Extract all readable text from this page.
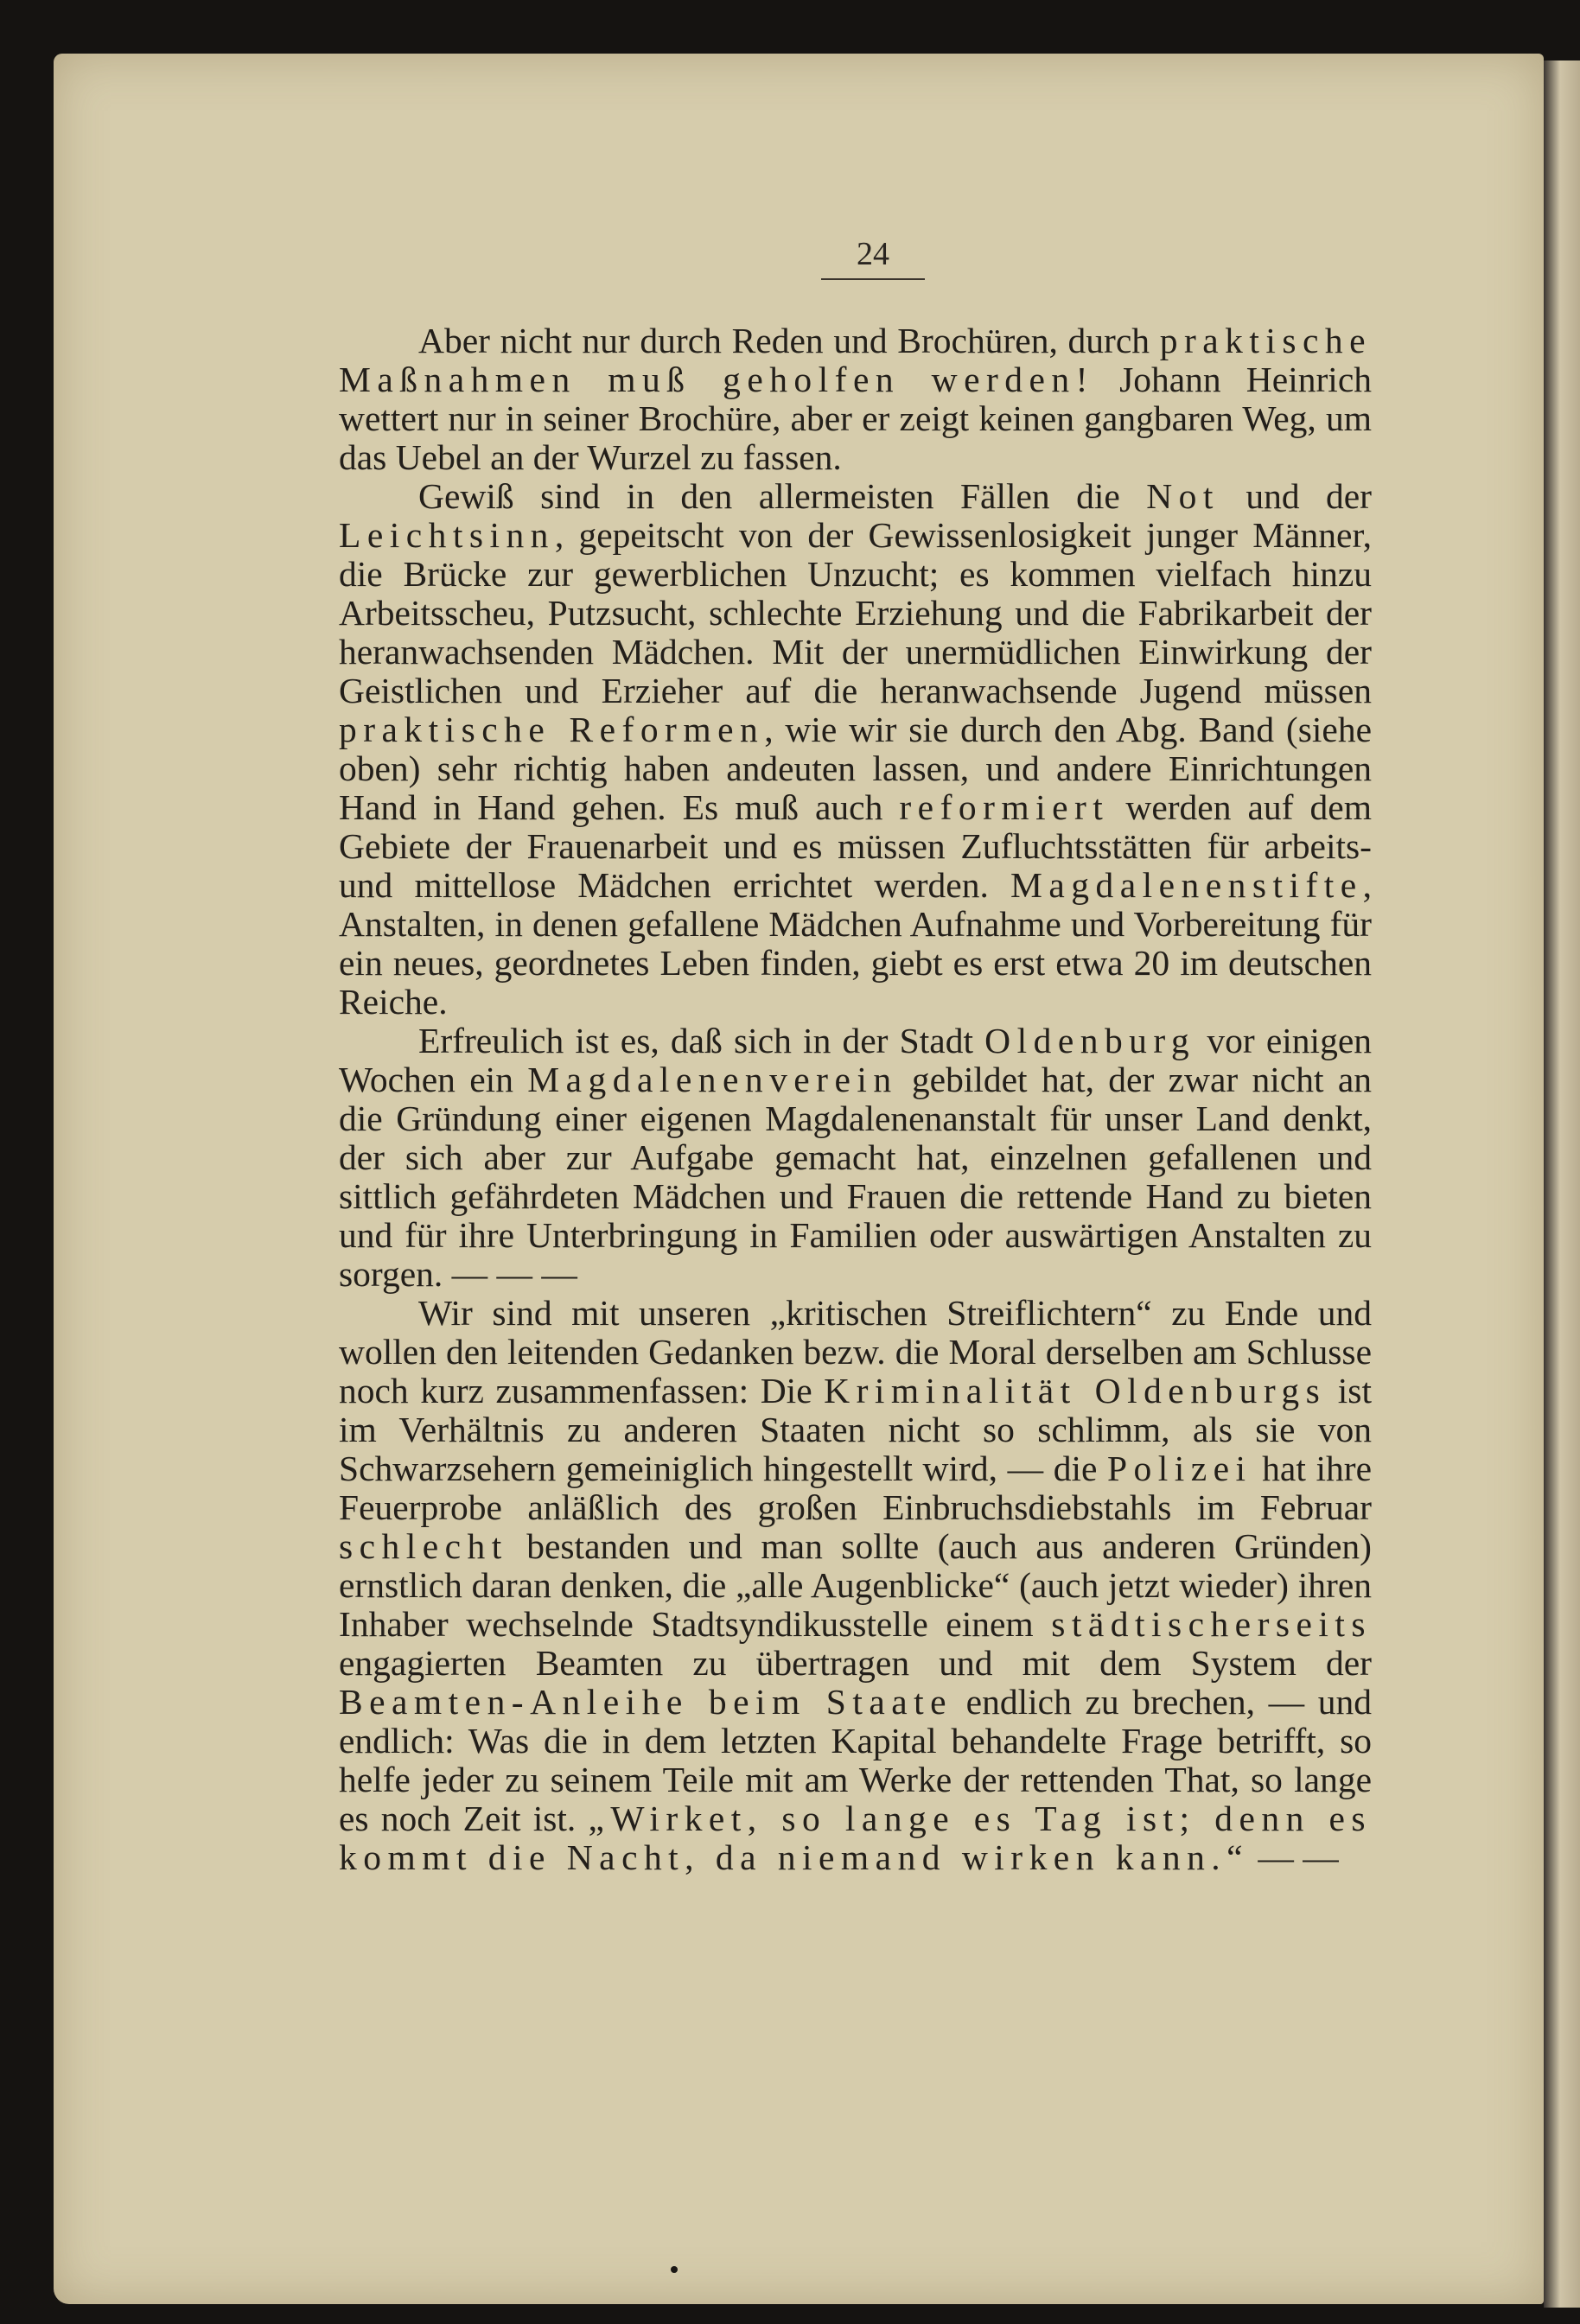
24

Aber nicht nur durch Reden und Brochüren, durch praktische Maßnahmen muß geholfen werden! Johann Heinrich wettert nur in seiner Brochüre, aber er zeigt keinen gangbaren Weg, um das Uebel an der Wurzel zu fassen.

Gewiß sind in den allermeisten Fällen die Not und der Leichtsinn, gepeitscht von der Gewissenlosigkeit junger Männer, die Brücke zur gewerblichen Unzucht; es kommen vielfach hinzu Arbeitsscheu, Putzsucht, schlechte Erziehung und die Fabrikarbeit der heranwachsenden Mädchen. Mit der unermüdlichen Einwirkung der Geistlichen und Erzieher auf die heranwachsende Jugend müssen praktische Reformen, wie wir sie durch den Abg. Band (siehe oben) sehr richtig haben andeuten lassen, und andere Einrichtungen Hand in Hand gehen. Es muß auch reformiert werden auf dem Gebiete der Frauenarbeit und es müssen Zufluchtsstätten für arbeits- und mittellose Mädchen errichtet werden. Magdalenenstifte, Anstalten, in denen gefallene Mädchen Aufnahme und Vorbereitung für ein neues, geordnetes Leben finden, giebt es erst etwa 20 im deutschen Reiche.

Erfreulich ist es, daß sich in der Stadt Oldenburg vor einigen Wochen ein Magdalenenverein gebildet hat, der zwar nicht an die Gründung einer eigenen Magdalenenanstalt für unser Land denkt, der sich aber zur Aufgabe gemacht hat, einzelnen gefallenen und sittlich gefährdeten Mädchen und Frauen die rettende Hand zu bieten und für ihre Unterbringung in Familien oder auswärtigen Anstalten zu sorgen. — — —

Wir sind mit unseren „kritischen Streiflichtern“ zu Ende und wollen den leitenden Gedanken bezw. die Moral derselben am Schlusse noch kurz zusammenfassen: Die Kriminalität Oldenburgs ist im Verhältnis zu anderen Staaten nicht so schlimm, als sie von Schwarzsehern gemeiniglich hingestellt wird, — die Polizei hat ihre Feuerprobe anläßlich des großen Einbruchsdiebstahls im Februar schlecht bestanden und man sollte (auch aus anderen Gründen) ernstlich daran denken, die „alle Augenblicke“ (auch jetzt wieder) ihren Inhaber wechselnde Stadtsyndikusstelle einem städtischerseits engagierten Beamten zu übertragen und mit dem System der Beamten-Anleihe beim Staate endlich zu brechen, — und endlich: Was die in dem letzten Kapital behandelte Frage betrifft, so helfe jeder zu seinem Teile mit am Werke der rettenden That, so lange es noch Zeit ist. „Wirket, so lange es Tag ist; denn es kommt die Nacht, da niemand wirken kann.“ — —
